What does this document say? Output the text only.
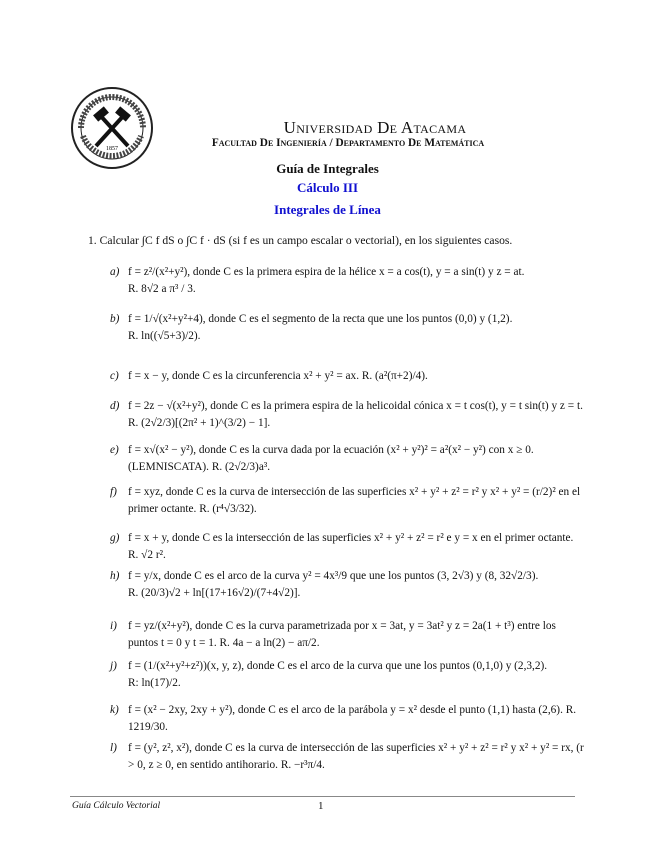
1857
Universidad De Atacama
Facultad De Ingeniería / Departamento De Matemática
Guía de Integrales
Cálculo III
Integrales de Línea
1. Calcular ∫C f dS o ∫C f · dS (si f es un campo escalar o vectorial), en los siguientes casos.
a) f = z²/(x²+y²), donde C es la primera espira de la hélice x = a cos(t), y = a sin(t) y z = at.
R. 8√2 a π³ / 3.
b) f = 1/√(x²+y²+4), donde C es el segmento de la recta que une los puntos (0,0) y (1,2).
R. ln((√5+3)/2).
c) f = x − y, donde C es la circunferencia x² + y² = ax. R. (a²(π+2)/4).
d) f = 2z − √(x²+y²), donde C es la primera espira de la helicoidal cónica x = t cos(t), y = t sin(t) y z = t. R. (2√2/3)[(2π² + 1)^(3/2) − 1].
e) f = x√(x² − y²), donde C es la curva dada por la ecuación (x² + y²)² = a²(x² − y²) con x ≥ 0. (LEMNISCATA). R. (2√2/3)a³.
f) f = xyz, donde C es la curva de intersección de las superficies x² + y² + z² = r² y x² + y² = (r/2)² en el primer octante. R. (r⁴√3/32).
g) f = x + y, donde C es la intersección de las superficies x² + y² + z² = r² e y = x en el primer octante. R. √2 r².
h) f = y/x, donde C es el arco de la curva y² = 4x³/9 que une los puntos (3, 2√3) y (8, 32√2/3).
R. (20/3)√2 + ln[(17+16√2)/(7+4√2)].
i) f = yz/(x²+y²), donde C es la curva parametrizada por x = 3at, y = 3at² y z = 2a(1 + t³) entre los puntos t = 0 y t = 1. R. 4a − a ln(2) − aπ/2.
j) f = (1/(x²+y²+z²))(x, y, z), donde C es el arco de la curva que une los puntos (0,1,0) y (2,3,2).
R: ln(17)/2.
k) f = (x² − 2xy, 2xy + y²), donde C es el arco de la parábola y = x² desde el punto (1,1) hasta (2,6). R. 1219/30.
l) f = (y², z², x²), donde C es la curva de intersección de las superficies x² + y² + z² = r² y x² + y² = rx, (r > 0, z ≥ 0, en sentido antihorario. R. −r³π/4.
Guía Cálculo Vectorial	1
